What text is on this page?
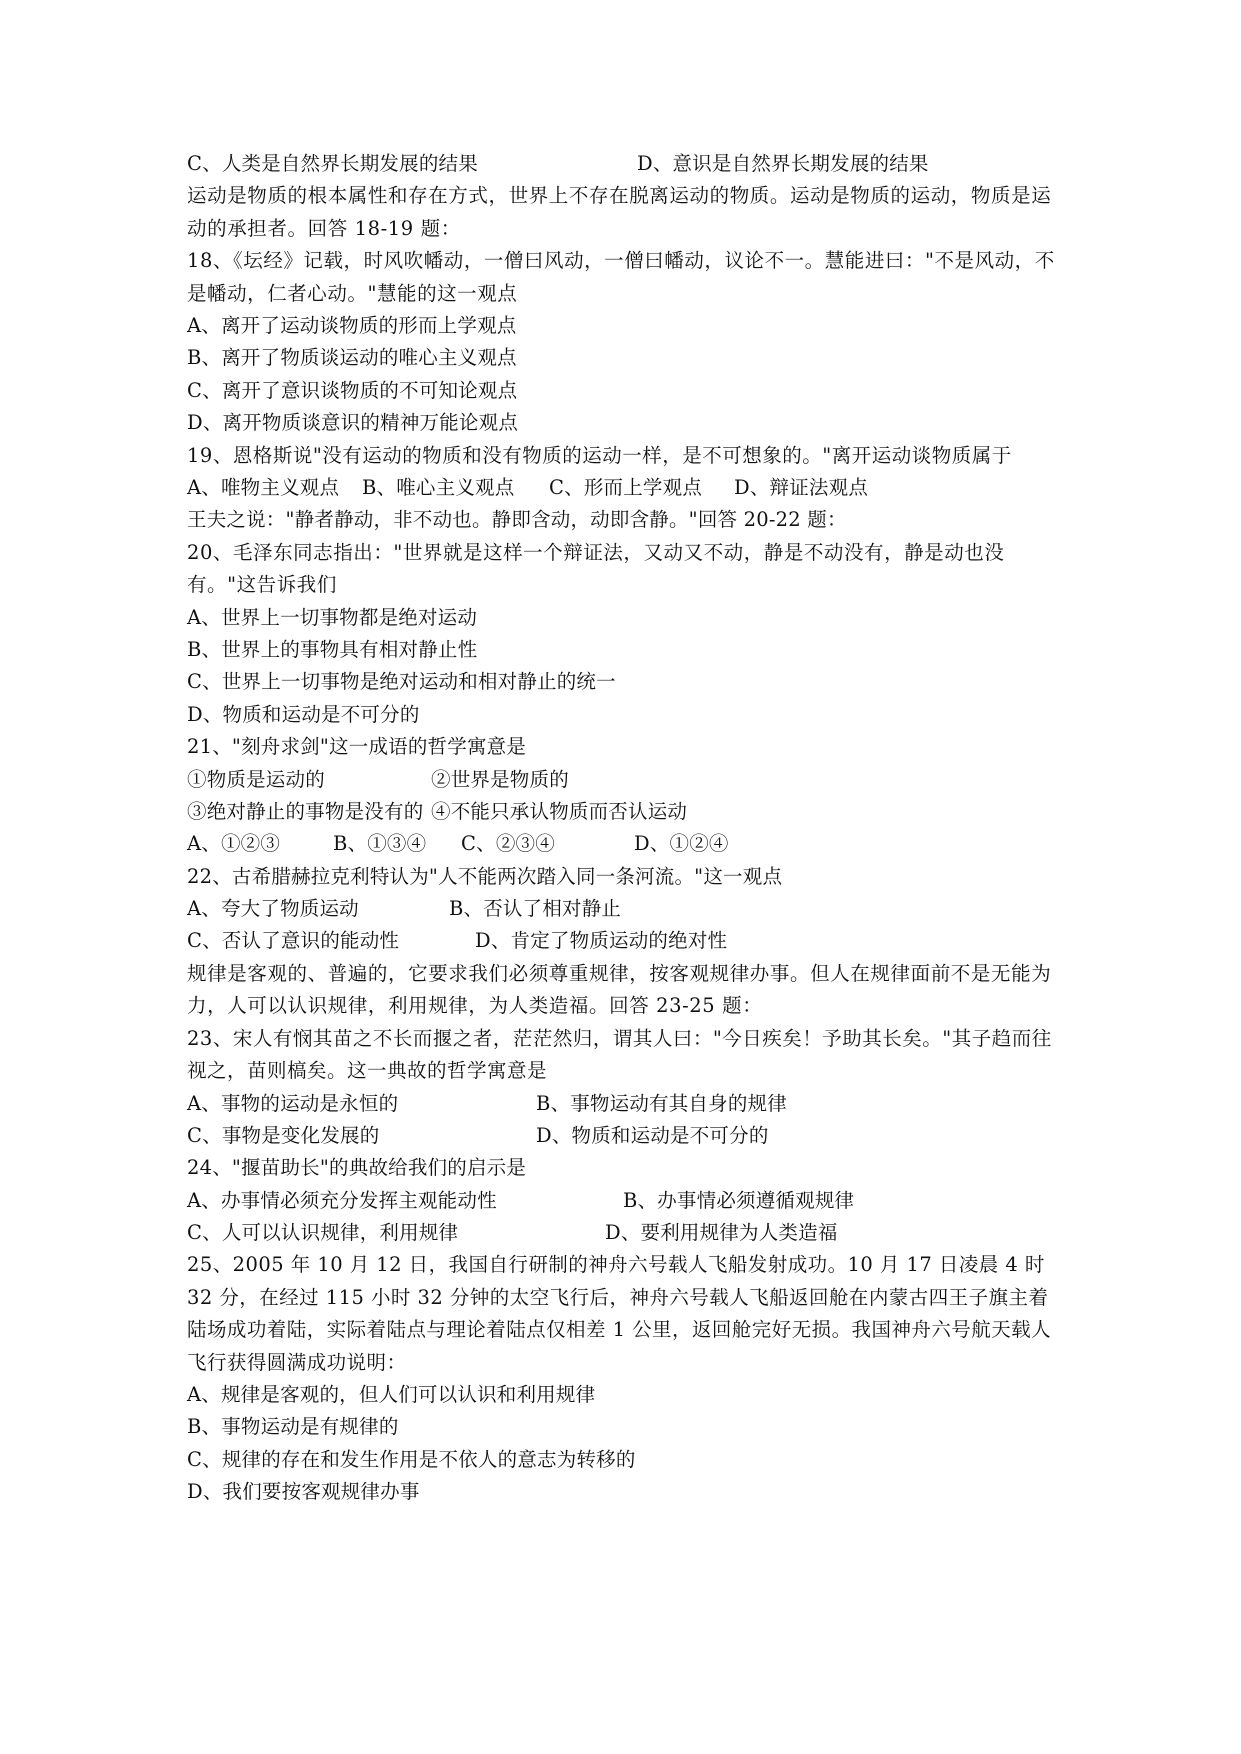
C、人类是自然界长期发展的结果	D、意识是自然界长期发展的结果
运动是物质的根本属性和存在方式，世界上不存在脱离运动的物质。运动是物质的运动，物质是运动的承担者。回答 18-19 题：
18、《坛经》记载，时风吹幡动，一僧曰风动，一僧曰幡动，议论不一。慧能进曰："不是风动，不是幡动，仁者心动。"慧能的这一观点
A、离开了运动谈物质的形而上学观点
B、离开了物质谈运动的唯心主义观点
C、离开了意识谈物质的不可知论观点
D、离开物质谈意识的精神万能论观点
19、恩格斯说"没有运动的物质和没有物质的运动一样，是不可想象的。"离开运动谈物质属于
A、唯物主义观点	B、唯心主义观点	C、形而上学观点	D、辩证法观点
王夫之说："静者静动，非不动也。静即含动，动即含静。"回答 20-22 题：
20、毛泽东同志指出："世界就是这样一个辩证法，又动又不动，静是不动没有，静是动也没有。"这告诉我们
A、世界上一切事物都是绝对运动
B、世界上的事物具有相对静止性
C、世界上一切事物是绝对运动和相对静止的统一
D、物质和运动是不可分的
21、"刻舟求剑"这一成语的哲学寓意是
①物质是运动的	②世界是物质的
③绝对静止的事物是没有的 ④不能只承认物质而否认运动
A、①②③	B、①③④	C、②③④	D、①②④
22、古希腊赫拉克利特认为"人不能两次踏入同一条河流。"这一观点
A、夸大了物质运动	B、否认了相对静止
C、否认了意识的能动性	D、肯定了物质运动的绝对性
规律是客观的、普遍的，它要求我们必须尊重规律，按客观规律办事。但人在规律面前不是无能为力，人可以认识规律，利用规律，为人类造福。回答 23-25 题：
23、宋人有悯其苗之不长而揠之者，茫茫然归，谓其人曰："今日疾矣！予助其长矣。"其子趋而往视之，苗则槁矣。这一典故的哲学寓意是
A、事物的运动是永恒的	B、事物运动有其自身的规律
C、事物是变化发展的	D、物质和运动是不可分的
24、"揠苗助长"的典故给我们的启示是
A、办事情必须充分发挥主观能动性	B、办事情必须遵循观规律
C、人可以认识规律，利用规律	D、要利用规律为人类造福
25、2005 年 10 月 12 日，我国自行研制的神舟六号载人飞船发射成功。10 月 17 日凌晨 4 时 32 分，在经过 115 小时 32 分钟的太空飞行后，神舟六号载人飞船返回舱在内蒙古四王子旗主着陆场成功着陆，实际着陆点与理论着陆点仅相差 1 公里，返回舱完好无损。我国神舟六号航天载人飞行获得圆满成功说明：
A、规律是客观的，但人们可以认识和利用规律
B、事物运动是有规律的
C、规律的存在和发生作用是不依人的意志为转移的
D、我们要按客观规律办事
